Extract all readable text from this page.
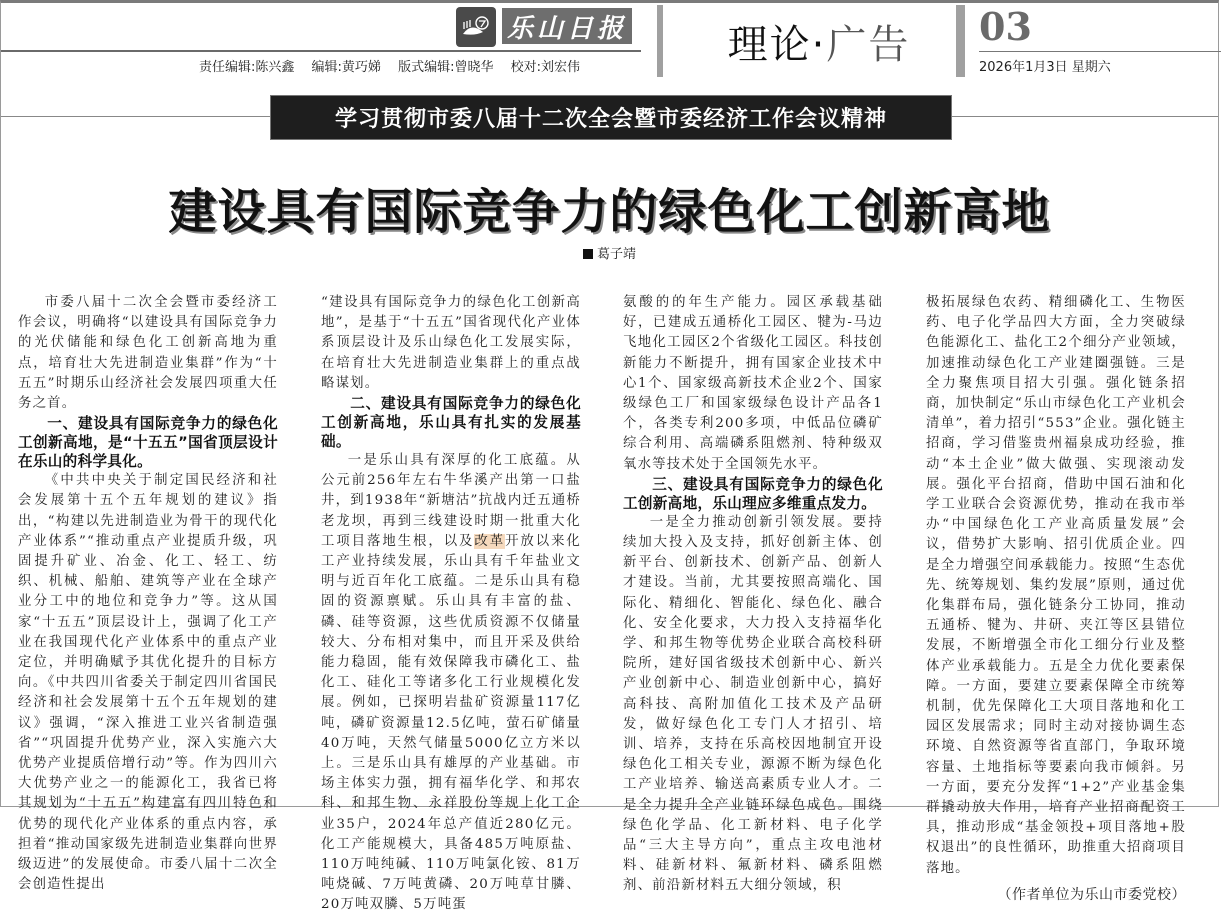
乐山日报
责任编辑:陈兴鑫 编辑:黄巧娣 版式编辑:曾晓华 校对:刘宏伟	理论·广告	03
2026年1月3日 星期六
学习贯彻市委八届十二次全会暨市委经济工作会议精神
建设具有国际竞争力的绿色化工创新高地
葛子靖

市委八届十二次全会暨市委经济工作会议，明确将“以建设具有国际竞争力的光伏储能和绿色化工创新高地为重点，培育壮大先进制造业集群”作为“十五五”时期乐山经济社会发展四项重大任务之首。

一、建设具有国际竞争力的绿色化工创新高地，是“十五五”国省顶层设计在乐山的科学具化。

《中共中央关于制定国民经济和社会发展第十五个五年规划的建议》指出，“构建以先进制造业为骨干的现代化产业体系”“推动重点产业提质升级，巩固提升矿业、冶金、化工、轻工、纺织、机械、船舶、建筑等产业在全球产业分工中的地位和竞争力”等。这从国家“十五五”顶层设计上，强调了化工产业在我国现代化产业体系中的重点产业定位，并明确赋予其优化提升的目标方向。《中共四川省委关于制定四川省国民经济和社会发展第十五个五年规划的建议》强调，“深入推进工业兴省制造强省”“巩固提升优势产业，深入实施六大优势产业提质倍增行动”等。作为四川六大优势产业之一的能源化工，我省已将其规划为“十五五”构建富有四川特色和优势的现代化产业体系的重点内容，承担着“推动国家级先进制造业集群向世界级迈进”的发展使命。市委八届十二次全会创造性提出

“建设具有国际竞争力的绿色化工创新高地”，是基于“十五五”国省现代化产业体系顶层设计及乐山绿色化工发展实际，在培育壮大先进制造业集群上的重点战略谋划。

二、建设具有国际竞争力的绿色化工创新高地，乐山具有扎实的发展基础。

一是乐山具有深厚的化工底蕴。从公元前256年左右牛华溪产出第一口盐井，到1938年“新塘沽”抗战内迁五通桥老龙坝，再到三线建设时期一批重大化工项目落地生根，以及改革开放以来化工产业持续发展，乐山具有千年盐业文明与近百年化工底蕴。二是乐山具有稳固的资源禀赋。乐山具有丰富的盐、磷、硅等资源，这些优质资源不仅储量较大、分布相对集中，而且开采及供给能力稳固，能有效保障我市磷化工、盐化工、硅化工等诸多化工行业规模化发展。例如，已探明岩盐矿资源量117亿吨，磷矿资源量12.5亿吨，萤石矿储量40万吨，天然气储量5000亿立方米以上。三是乐山具有雄厚的产业基础。市场主体实力强，拥有福华化学、和邦农科、和邦生物、永祥股份等规上化工企业35户，2024年总产值近280亿元。化工产能规模大，具备485万吨原盐、110万吨纯碱、110万吨氯化铵、81万吨烧碱、7万吨黄磷、20万吨草甘膦、20万吨双膦、5万吨蛋

氨酸的的年生产能力。园区承载基础好，已建成五通桥化工园区、犍为-马边飞地化工园区2个省级化工园区。科技创新能力不断提升，拥有国家企业技术中心1个、国家级高新技术企业2个、国家级绿色工厂和国家级绿色设计产品各1个，各类专利200多项，中低品位磷矿综合利用、高端磷系阻燃剂、特种级双氧水等技术处于全国领先水平。

三、建设具有国际竞争力的绿色化工创新高地，乐山理应多维重点发力。

一是全力推动创新引领发展。要持续加大投入及支持，抓好创新主体、创新平台、创新技术、创新产品、创新人才建设。当前，尤其要按照高端化、国际化、精细化、智能化、绿色化、融合化、安全化要求，大力投入支持福华化学、和邦生物等优势企业联合高校科研院所，建好国省级技术创新中心、新兴产业创新中心、制造业创新中心，搞好高科技、高附加值化工技术及产品研发，做好绿色化工专门人才招引、培训、培养，支持在乐高校因地制宜开设绿色化工相关专业，源源不断为绿色化工产业培养、输送高素质专业人才。二是全力提升全产业链环绿色成色。围绕绿色化学品、化工新材料、电子化学品“三大主导方向”，重点主攻电池材料、硅新材料、氟新材料、磷系阻燃剂、前沿新材料五大细分领域，积

极拓展绿色农药、精细磷化工、生物医药、电子化学品四大方面，全力突破绿色能源化工、盐化工2个细分产业领域，加速推动绿色化工产业建圈强链。三是全力聚焦项目招大引强。强化链条招商，加快制定“乐山市绿色化工产业机会清单”，着力招引“553”企业。强化链主招商，学习借鉴贵州福泉成功经验，推动“本土企业”做大做强、实现滚动发展。强化平台招商，借助中国石油和化学工业联合会资源优势，推动在我市举办“中国绿色化工产业高质量发展”会议，借势扩大影响、招引优质企业。四是全力增强空间承载能力。按照“生态优先、统筹规划、集约发展”原则，通过优化集群布局，强化链条分工协同，推动五通桥、犍为、井研、夹江等区县错位发展，不断增强全市化工细分行业及整体产业承载能力。五是全力优化要素保障。一方面，要建立要素保障全市统筹机制，优先保障化工大项目落地和化工园区发展需求；同时主动对接协调生态环境、自然资源等省直部门，争取环境容量、土地指标等要素向我市倾斜。另一方面，要充分发挥“1+2”产业基金集群撬动放大作用，培育产业招商配资工具，推动形成“基金领投+项目落地+股权退出”的良性循环，助推重大招商项目落地。

（作者单位为乐山市委党校）
